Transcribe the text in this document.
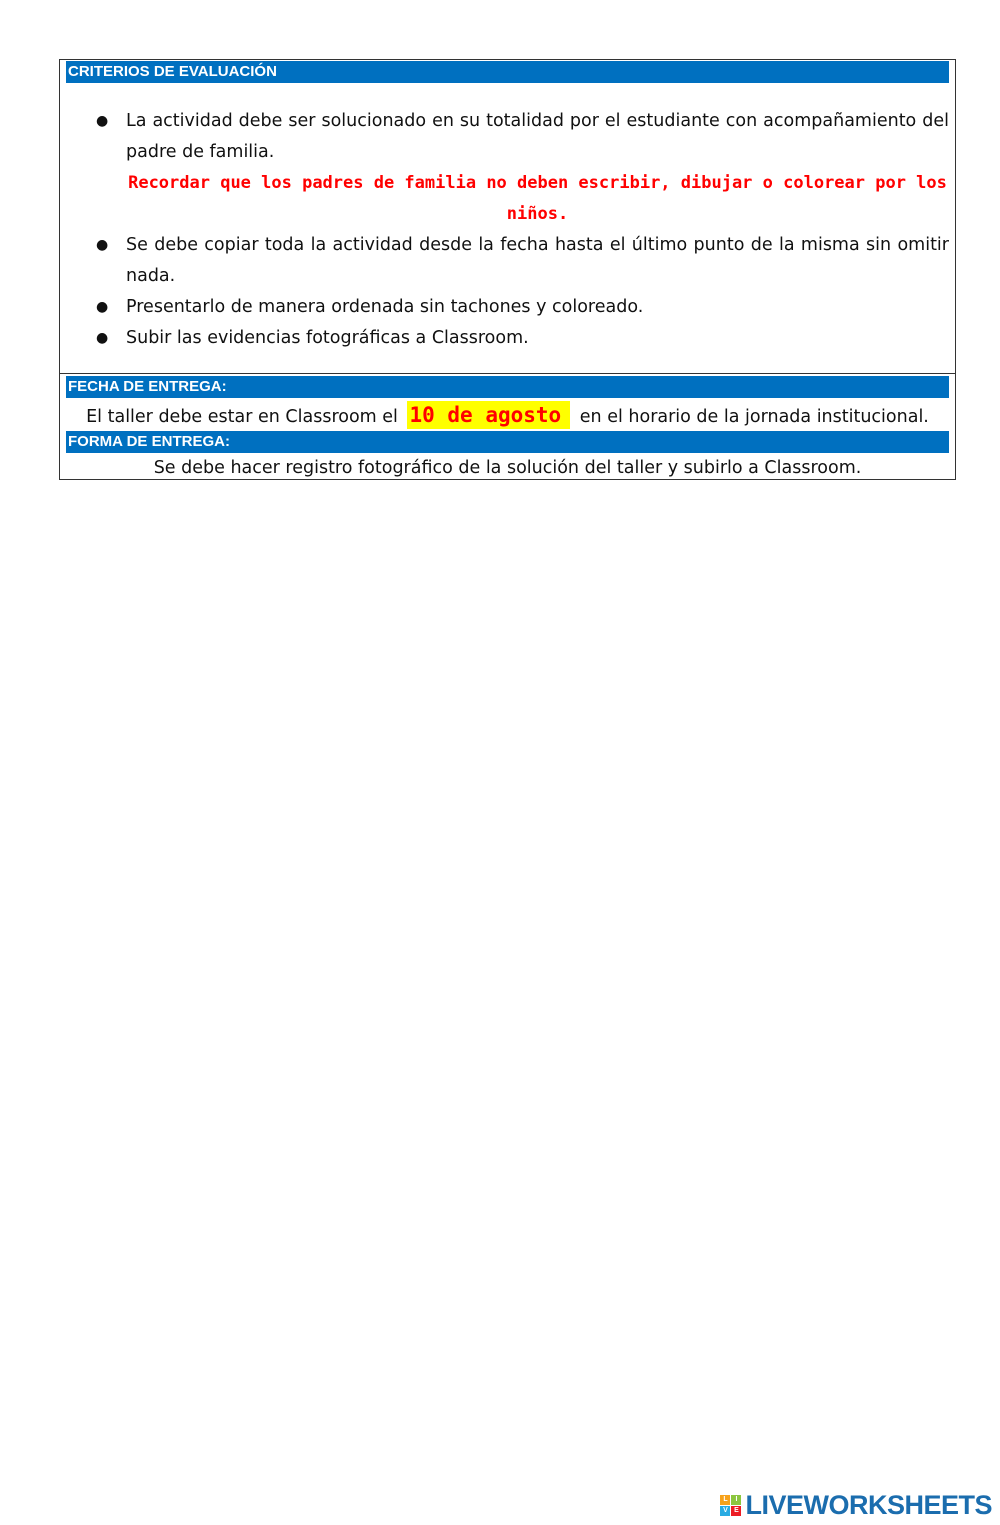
CRITERIOS DE EVALUACIÓN
● La actividad debe ser solucionado en su totalidad por el estudiante con acompañamiento del padre de familia.
Recordar que los padres de familia no deben escribir, dibujar o colorear por los niños.
● Se debe copiar toda la actividad desde la fecha hasta el último punto de la misma sin omitir nada.
● Presentarlo de manera ordenada sin tachones y coloreado.
● Subir las evidencias fotográficas a Classroom.
FECHA DE ENTREGA:
El taller debe estar en Classroom el 10 de agosto en el horario de la jornada institucional.
FORMA DE ENTREGA:
Se debe hacer registro fotográfico de la solución del taller y subirlo a Classroom.
L	I
V E LIVEWORKSHEETS
